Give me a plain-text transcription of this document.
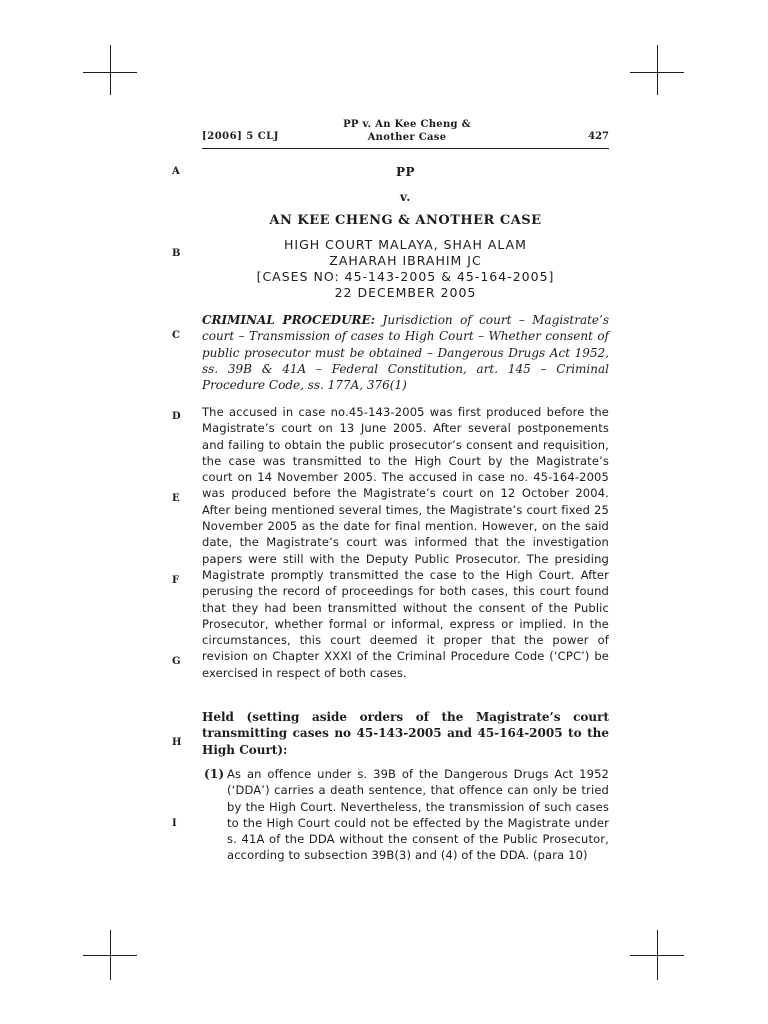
[2006] 5 CLJ
PP v. An Kee Cheng &
Another Case	427
A
B
C
D
E
F
G
H
I
PP
v.
AN KEE CHENG & ANOTHER CASE
HIGH COURT MALAYA, SHAH ALAM
ZAHARAH IBRAHIM JC
[CASES NO: 45-143-2005 & 45-164-2005]
22 DECEMBER 2005
CRIMINAL PROCEDURE: Jurisdiction of court – Magistrate’s court – Transmission of cases to High Court – Whether consent of public prosecutor must be obtained – Dangerous Drugs Act 1952, ss. 39B & 41A – Federal Constitution, art. 145 – Criminal Procedure Code, ss. 177A, 376(1)
The accused in case no.45-143-2005 was first produced before the Magistrate’s court on 13 June 2005. After several postponements and failing to obtain the public prosecutor’s consent and requisition, the case was transmitted to the High Court by the Magistrate’s court on 14 November 2005. The accused in case no. 45-164-2005 was produced before the Magistrate’s court on 12 October 2004. After being mentioned several times, the Magistrate’s court fixed 25 November 2005 as the date for final mention. However, on the said date, the Magistrate’s court was informed that the investigation papers were still with the Deputy Public Prosecutor. The presiding Magistrate promptly transmitted the case to the High Court. After perusing the record of proceedings for both cases, this court found that they had been transmitted without the consent of the Public Prosecutor, whether formal or informal, express or implied. In the circumstances, this court deemed it proper that the power of revision on Chapter XXXI of the Criminal Procedure Code (‘CPC’) be exercised in respect of both cases.
Held (setting aside orders of the Magistrate’s court transmitting cases no 45-143-2005 and 45-164-2005 to the High Court):
(1) As an offence under s. 39B of the Dangerous Drugs Act 1952 (‘DDA’) carries a death sentence, that offence can only be tried by the High Court. Nevertheless, the transmission of such cases to the High Court could not be effected by the Magistrate under s. 41A of the DDA without the consent of the Public Prosecutor, according to subsection 39B(3) and (4) of the DDA. (para 10)
